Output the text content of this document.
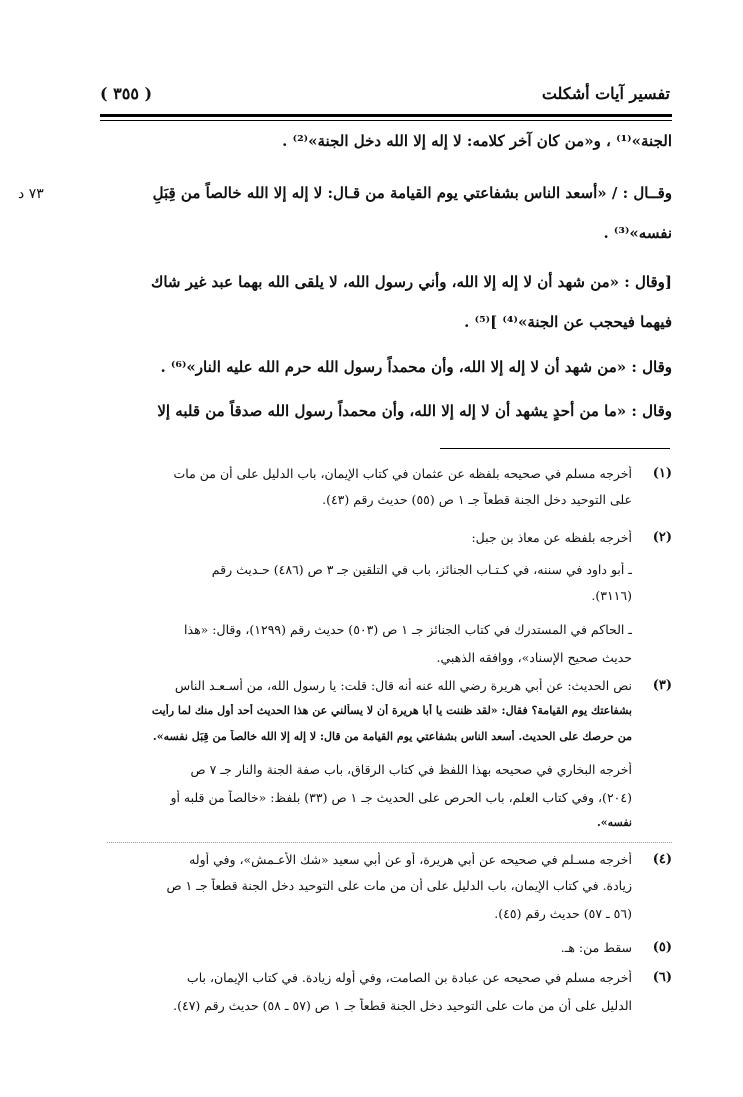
( ٣٥٥ )	تفسير آيات أشكلت
٧٣ د
الجنة»⁽¹⁾ ، و«من كان آخر كلامه: لا إله إلا الله دخل الجنة»⁽²⁾ .
وقــال : / «أسعد الناس بشفاعتي يوم القيامة من قـال: لا إله إلا الله خالصاً من قِبَلِ
نفسه»⁽³⁾ .
[وقال : «من شهد أن لا إله إلا الله، وأني رسول الله، لا يلقى الله بهما عبد غير شاك
فيهما فيحجب عن الجنة»⁽⁴⁾ ]⁽⁵⁾ .
وقال : «من شهد أن لا إله إلا الله، وأن محمداً رسول الله حرم الله عليه النار»⁽⁶⁾ .
وقال : «ما من أحدٍ يشهد أن لا إله إلا الله، وأن محمداً رسول الله صدقاً من قلبه إلا
(١)
أخرجه مسلم في صحيحه بلفظه عن عثمان في كتاب الإيمان، باب الدليل على أن من مات
على التوحيد دخل الجنة قطعاً جـ ١ ص (٥٥) حديث رقم (٤٣).
(٢)
أخرجه بلفظه عن معاذ بن جبل:
ـ أبو داود في سننه، في كـتـاب الجنائز، باب في التلقين جـ ٣ ص (٤٨٦) حـديث رقم
(٣١١٦).
ـ الحاكم في المستدرك في كتاب الجنائز جـ ١ ص (٥٠٣) حديث رقم (١٢٩٩)، وقال: «هذا
حديث صحيح الإسناد»، ووافقه الذهبي.
(٣)
نص الحديث: عن أبي هريرة رضي الله عنه أنه قال: قلت: يا رسول الله، من أسـعـد الناس
بشفاعتك يوم القيامة؟ فقال: «لقد ظننت يا أبا هريرة أن لا يسألني عن هذا الحديث أحد أول منك لما رأيت
من حرصك على الحديث. أسعد الناس بشفاعتي يوم القيامة من قال: لا إله إلا الله خالصاً من قِبَل نفسه».
أخرجه البخاري في صحيحه بهذا اللفظ في كتاب الرقاق، باب صفة الجنة والنار جـ ٧ ص
(٢٠٤)، وفي كتاب العلم، باب الحرص على الحديث جـ ١ ص (٣٣) بلفظ: «خالصاً من قلبه أو
نفسه».
(٤)
أخرجه مسـلم في صحيحه عن أبي هريرة، أو عن أبي سعيد «شك الأعـمش»، وفي أوله
زيادة. في كتاب الإيمان، باب الدليل على أن من مات على التوحيد دخل الجنة قطعاً جـ ١ ص
(٥٦ ـ ٥٧) حديث رقم (٤٥).
(٥)
سقط من: هـ.
(٦)
أخرجه مسلم في صحيحه عن عبادة بن الصامت، وفي أوله زيادة. في كتاب الإيمان، باب
الدليل على أن من مات على التوحيد دخل الجنة قطعاً جـ ١ ص (٥٧ ـ ٥٨) حديث رقم (٤٧).
